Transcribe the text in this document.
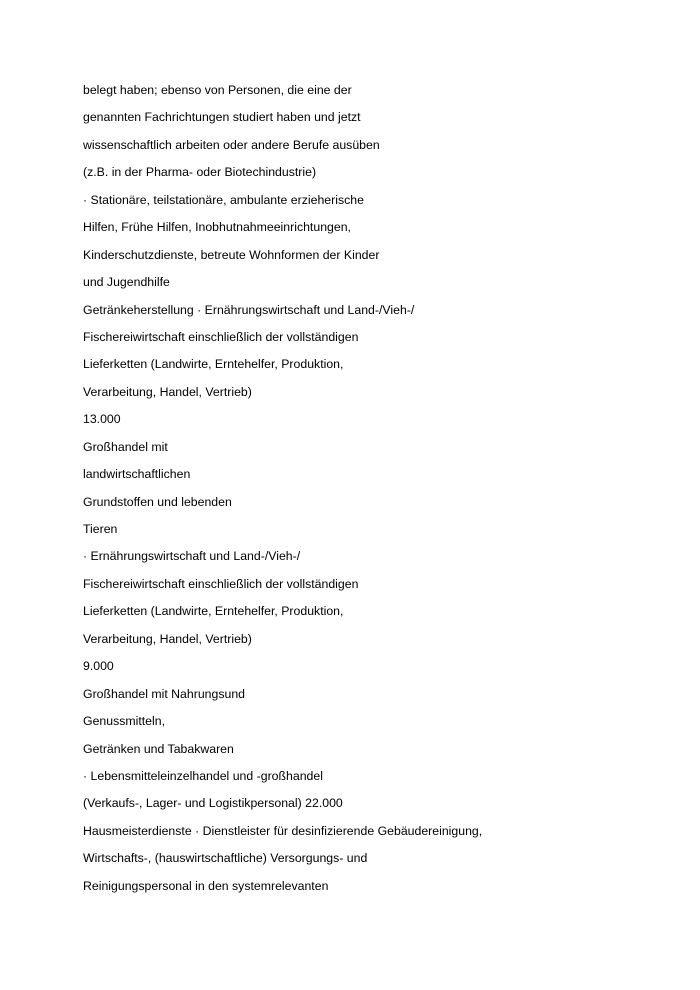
belegt haben; ebenso von Personen, die eine der
genannten Fachrichtungen studiert haben und jetzt
wissenschaftlich arbeiten oder andere Berufe ausüben
(z.B. in der Pharma- oder Biotechindustrie)
· Stationäre, teilstationäre, ambulante erzieherische
Hilfen, Frühe Hilfen, Inobhutnahmeeinrichtungen,
Kinderschutzdienste, betreute Wohnformen der Kinder
und Jugendhilfe
Getränkeherstellung · Ernährungswirtschaft und Land-/Vieh-/
Fischereiwirtschaft einschließlich der vollständigen
Lieferketten (Landwirte, Erntehelfer, Produktion,
Verarbeitung, Handel, Vertrieb)
13.000
Großhandel mit
landwirtschaftlichen
Grundstoffen und lebenden
Tieren
· Ernährungswirtschaft und Land-/Vieh-/
Fischereiwirtschaft einschließlich der vollständigen
Lieferketten (Landwirte, Erntehelfer, Produktion,
Verarbeitung, Handel, Vertrieb)
9.000
Großhandel mit Nahrungsund
Genussmitteln,
Getränken und Tabakwaren
· Lebensmitteleinzelhandel und -großhandel
(Verkaufs-, Lager- und Logistikpersonal) 22.000
Hausmeisterdienste · Dienstleister für desinfizierende Gebäudereinigung,
Wirtschafts-, (hauswirtschaftliche) Versorgungs- und
Reinigungspersonal in den systemrelevanten
